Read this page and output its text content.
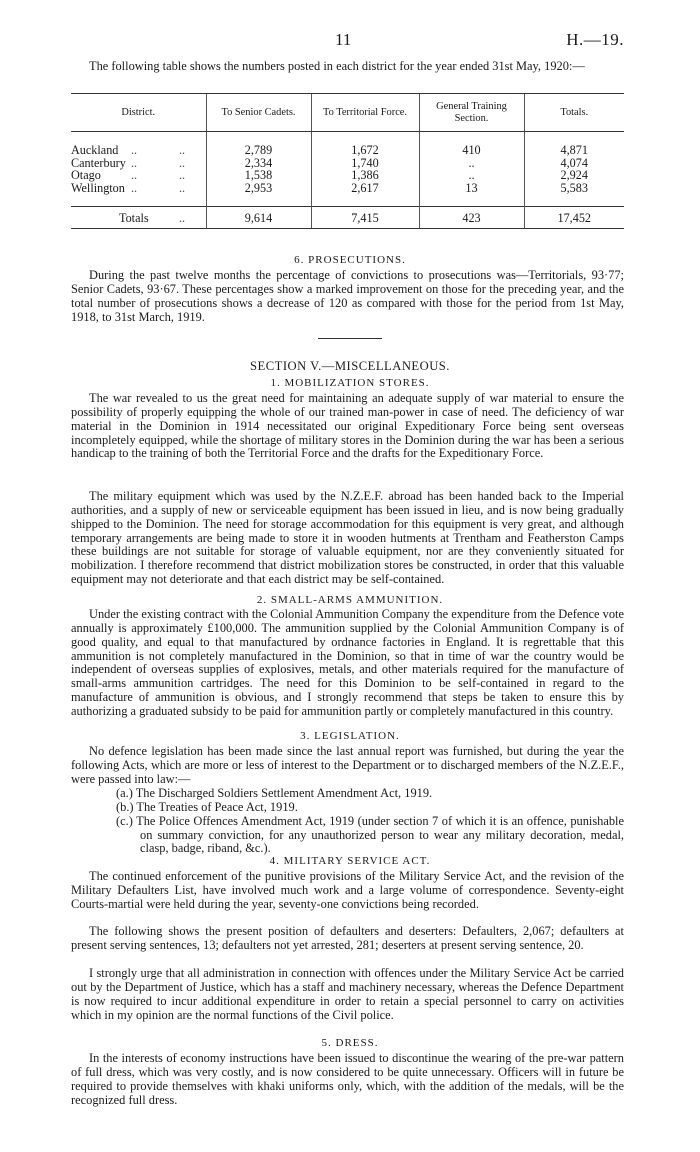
11	H.—19.
The following table shows the numbers posted in each district for the year ended 31st May, 1920:—
District.	To Senior Cadets.	To Territorial Force.	General Training Section.	Totals.

Auckland .. ..	2,789	1,672	410	4,871
Canterbury .. ..	2,334	1,740	..	4,074
Otago .. ..	1,538	1,386	..	2,924
Wellington .. ..	2,953	2,617	13	5,583

Totals ..	9,614	7,415	423	17,452
6. PROSECUTIONS.
During the past twelve months the percentage of convictions to prosecutions was—Territorials, 93·77; Senior Cadets, 93·67. These percentages show a marked improvement on those for the preceding year, and the total number of prosecutions shows a decrease of 120 as compared with those for the period from 1st May, 1918, to 31st March, 1919.
SECTION V.—MISCELLANEOUS.
1. MOBILIZATION STORES.
The war revealed to us the great need for maintaining an adequate supply of war material to ensure the possibility of properly equipping the whole of our trained man-power in case of need. The deficiency of war material in the Dominion in 1914 necessitated our original Expeditionary Force being sent overseas incompletely equipped, while the shortage of military stores in the Dominion during the war has been a serious handicap to the training of both the Territorial Force and the drafts for the Expeditionary Force.
The military equipment which was used by the N.Z.E.F. abroad has been handed back to the Imperial authorities, and a supply of new or serviceable equipment has been issued in lieu, and is now being gradually shipped to the Dominion. The need for storage accommodation for this equipment is very great, and although temporary arrangements are being made to store it in wooden hutments at Trentham and Featherston Camps these buildings are not suitable for storage of valuable equipment, nor are they conveniently situated for mobilization. I therefore recommend that district mobilization stores be constructed, in order that this valuable equipment may not deteriorate and that each district may be self-contained.
2. SMALL-ARMS AMMUNITION.
Under the existing contract with the Colonial Ammunition Company the expenditure from the Defence vote annually is approximately £100,000. The ammunition supplied by the Colonial Ammunition Company is of good quality, and equal to that manufactured by ordnance factories in England. It is regrettable that this ammunition is not completely manufactured in the Dominion, so that in time of war the country would be independent of overseas supplies of explosives, metals, and other materials required for the manufacture of small-arms ammunition cartridges. The need for this Dominion to be self-contained in regard to the manufacture of ammunition is obvious, and I strongly recommend that steps be taken to ensure this by authorizing a graduated subsidy to be paid for ammunition partly or completely manufactured in this country.
3. LEGISLATION.
No defence legislation has been made since the last annual report was furnished, but during the year the following Acts, which are more or less of interest to the Department or to discharged members of the N.Z.E.F., were passed into law:—
(a.) The Discharged Soldiers Settlement Amendment Act, 1919.
(b.) The Treaties of Peace Act, 1919.
(c.) The Police Offences Amendment Act, 1919 (under section 7 of which it is an offence, punishable on summary conviction, for any unauthorized person to wear any military decoration, medal, clasp, badge, riband, &c.).
4. MILITARY SERVICE ACT.
The continued enforcement of the punitive provisions of the Military Service Act, and the revision of the Military Defaulters List, have involved much work and a large volume of correspondence. Seventy-eight Courts-martial were held during the year, seventy-one convictions being recorded.
The following shows the present position of defaulters and deserters: Defaulters, 2,067; defaulters at present serving sentences, 13; defaulters not yet arrested, 281; deserters at present serving sentence, 20.
I strongly urge that all administration in connection with offences under the Military Service Act be carried out by the Department of Justice, which has a staff and machinery necessary, whereas the Defence Department is now required to incur additional expenditure in order to retain a special personnel to carry on activities which in my opinion are the normal functions of the Civil police.
5. DRESS.
In the interests of economy instructions have been issued to discontinue the wearing of the pre-war pattern of full dress, which was very costly, and is now considered to be quite unnecessary. Officers will in future be required to provide themselves with khaki uniforms only, which, with the addition of the medals, will be the recognized full dress.
